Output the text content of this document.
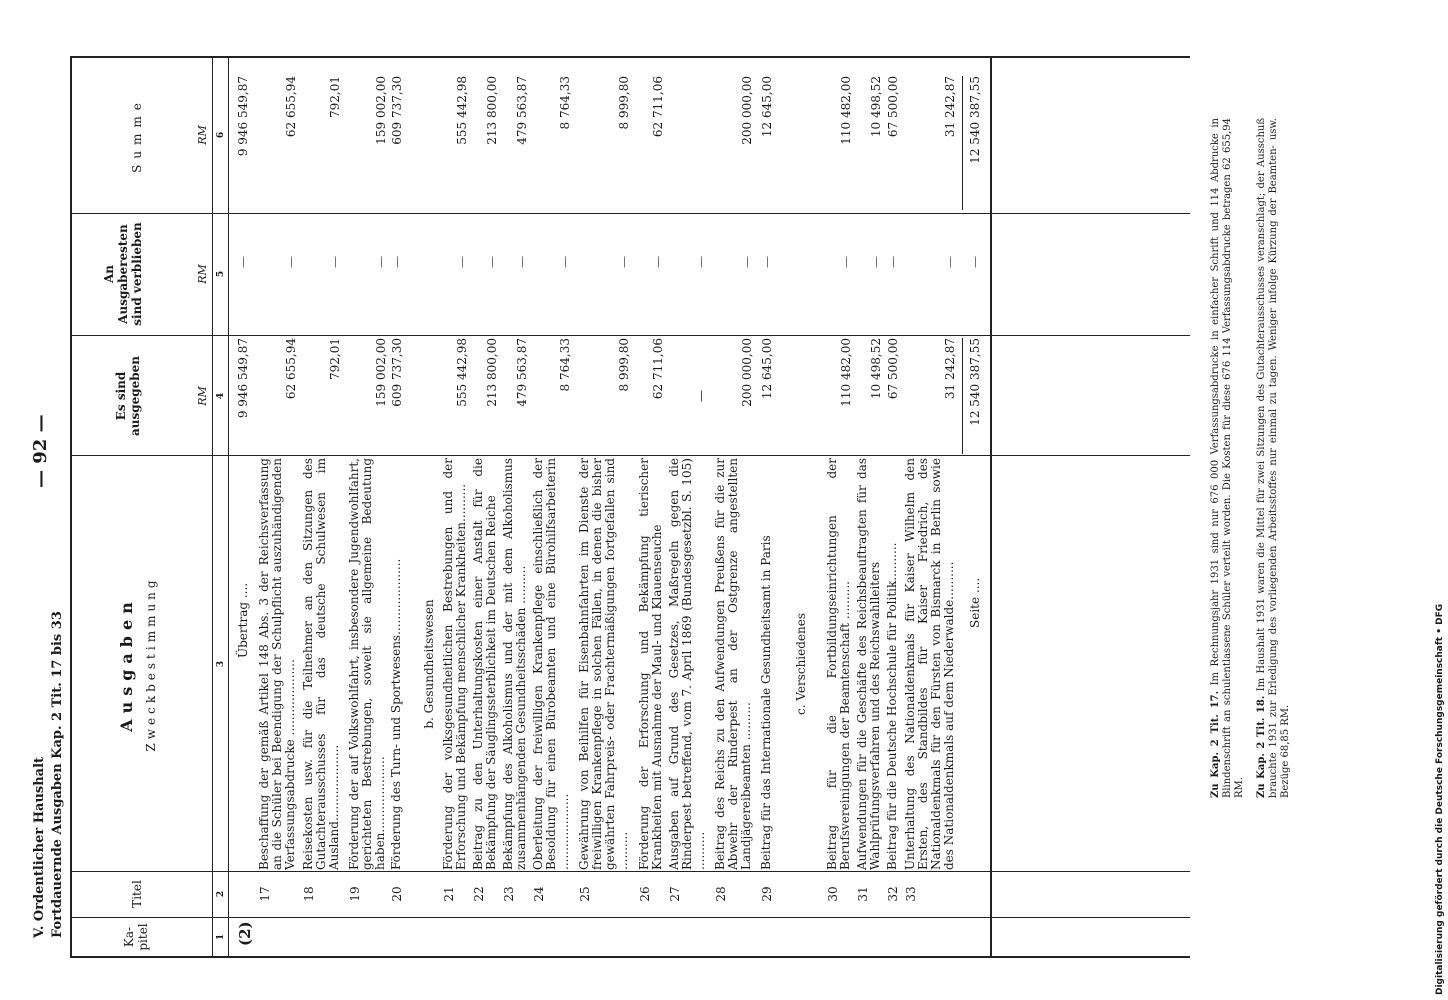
V. Ordentlicher Haushalt Fortdauernde Ausgaben Kap. 2 Tit. 17 bis 33
— 92 —
Ka-
pitel
Titel
Ausgaben Zweckbestimmung
Es sind
ausgegeben
An
Ausgaberesten
sind verblieben
Summe
RM
RM
RM
1
2
3
4
5
6
(2)
Übertrag ....
9 946 549,87
—
9 946 549,87
17
Beschaffung der gemäß Artikel 148 Abs. 3 der Reichsverfassung an die Schüler bei Beendigung der Schulpflicht auszuhändigenden Verfassungsabdrucke ....................
62 655,94
—
62 655,94
18
Reisekosten usw. für die Teilnehmer an den Sitzungen des Gutachterausschusses für das deutsche Schulwesen im Ausland....................
792,01
—
792,01
19
Förderung der auf Volkswohlfahrt, insbesondere Jugendwohlfahrt, gerichteten Bestrebungen, soweit sie allgemeine Bedeutung haben....................
159 002,00
—
159 002,00
20
Förderung des Turn- und Sportwesens....................
609 737,30
—
609 737,30
b. Gesundheitswesen
21
Förderung der volksgesundheitlichen Bestrebungen und der Erforschung und Bekämpfung menschlicher Krankheiten..........
555 442,98
—
555 442,98
22
Beitrag zu den Unterhaltungskosten einer Anstalt für die Bekämpfung der Säuglingssterblichkeit im Deutschen Reiche
213 800,00
—
213 800,00
23
Bekämpfung des Alkoholismus und der mit dem Alkoholismus zusammenhängenden Gesundheitsschäden ..........
479 563,87
—
479 563,87
24
Oberleitung der freiwilligen Krankenpflege einschließlich der Besoldung für einen Bürobeamten und eine Bürohilfsarbeiterin ....................
8 764,33
—
8 764,33
25
Gewährung von Beihilfen für Eisenbahnfahrten im Dienste der freiwilligen Krankenpflege in solchen Fällen, in denen die bisher gewährten Fahrpreis- oder Frachtermäßigungen fortgefallen sind ..........
8 999,80
—
8 999,80
26
Förderung der Erforschung und Bekämpfung tierischer Krankheiten mit Ausnahme der Maul- und Klauenseuche
62 711,06
—
62 711,06
27
Ausgaben auf Grund des Gesetzes, Maßregeln gegen die Rinderpest betreffend, vom 7. April 1869 (Bundesgesetzbl. S. 105) ..........
—
—
28
Beitrag des Reichs zu den Aufwendungen Preußens für die zur Abwehr der Rinderpest an der Ostgrenze angestellten Landjägereibeamten ..........
200 000,00
—
200 000,00
29
Beitrag für das Internationale Gesundheitsamt in Paris
12 645,00
—
12 645,00
c. Verschiedenes
30
Beitrag für die Fortbildungseinrichtungen der Berufsvereinigungen der Beamtenschaft ..........
110 482,00
—
110 482,00
31
Aufwendungen für die Geschäfte des Reichsbeauftragten für das Wahlprüfungsverfahren und des Reichswahlleiters
10 498,52
—
10 498,52
32
Beitrag für die Deutsche Hochschule für Politik..........
67 500,00
—
67 500,00
33
Unterhaltung des Nationaldenkmals für Kaiser Wilhelm den Ersten, des Standbildes für Kaiser Friedrich, des Nationaldenkmals für den Fürsten von Bismarck in Berlin sowie des Nationaldenkmals auf dem Niederwalde..........
31 242,87
—
31 242,87
Seite ....
12 540 387,55
—
12 540 387,55
Zu Kap. 2 Tit. 17. Im Rechnungsjahr 1931 sind nur 676 000 Verfassungsabdrucke in einfacher Schrift und 114 Abdrucke in Blindenschrift an schulentlassene Schüler verteilt worden. Die Kosten für diese 676 114 Verfassungsabdrucke betragen 62 655,94 RM. Zu Kap. 2 Tit. 18. Im Haushalt 1931 waren die Mittel für zwei Sitzungen des Gutachterausschusses veranschlagt; der Ausschuß brauchte 1931 zur Erledigung des vorliegenden Arbeitsstoffes nur einmal zu tagen. Weniger infolge Kürzung der Beamten- usw. Bezüge 68,85 RM.	Digitalisierung gefördert durch die Deutsche Forschungsgemeinschaft • DFG
